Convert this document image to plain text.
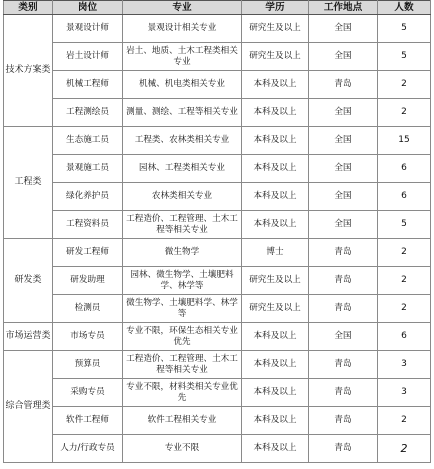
类别	岗位	专业	学历	工作地点	人数
技术方案类	景观设计师	景观设计相关专业	研究生及以上	全国	5
	岩土设计师	岩土、地质、土木工程类相关专业	研究生及以上	全国	5
	机械工程师	机械、机电类相关专业	本科及以上	青岛	2
	工程测绘员	测量、测绘、工程等相关专业	本科及以上	全国	2
工程类	生态施工员	工程类、农林类相关专业	本科及以上	全国	15
	景观施工员	园林、工程类相关专业	本科及以上	全国	6
	绿化养护员	农林类相关专业	本科及以上	全国	6
	工程资料员	工程造价、工程管理、土木工程等相关专业	本科及以上	全国	5
研发类	研发工程师	微生物学	博士	青岛	2
	研发助理	园林、微生物学、土壤肥料学、林学等	研究生及以上	青岛	2
	检测员	微生物学、土壤肥料学、林学等	研究生及以上	青岛	2
市场运营类	市场专员	专业不限，环保生态相关专业优先	本科及以上	全国	6
综合管理类	预算员	工程造价、工程管理、土木工程等相关专业	本科及以上	青岛	3
	采购专员	专业不限，材料类相关专业优先	本科及以上	青岛	3
	软件工程师	软件工程相关专业	本科及以上	青岛	2
	人力/行政专员	专业不限	本科及以上	青岛	2
